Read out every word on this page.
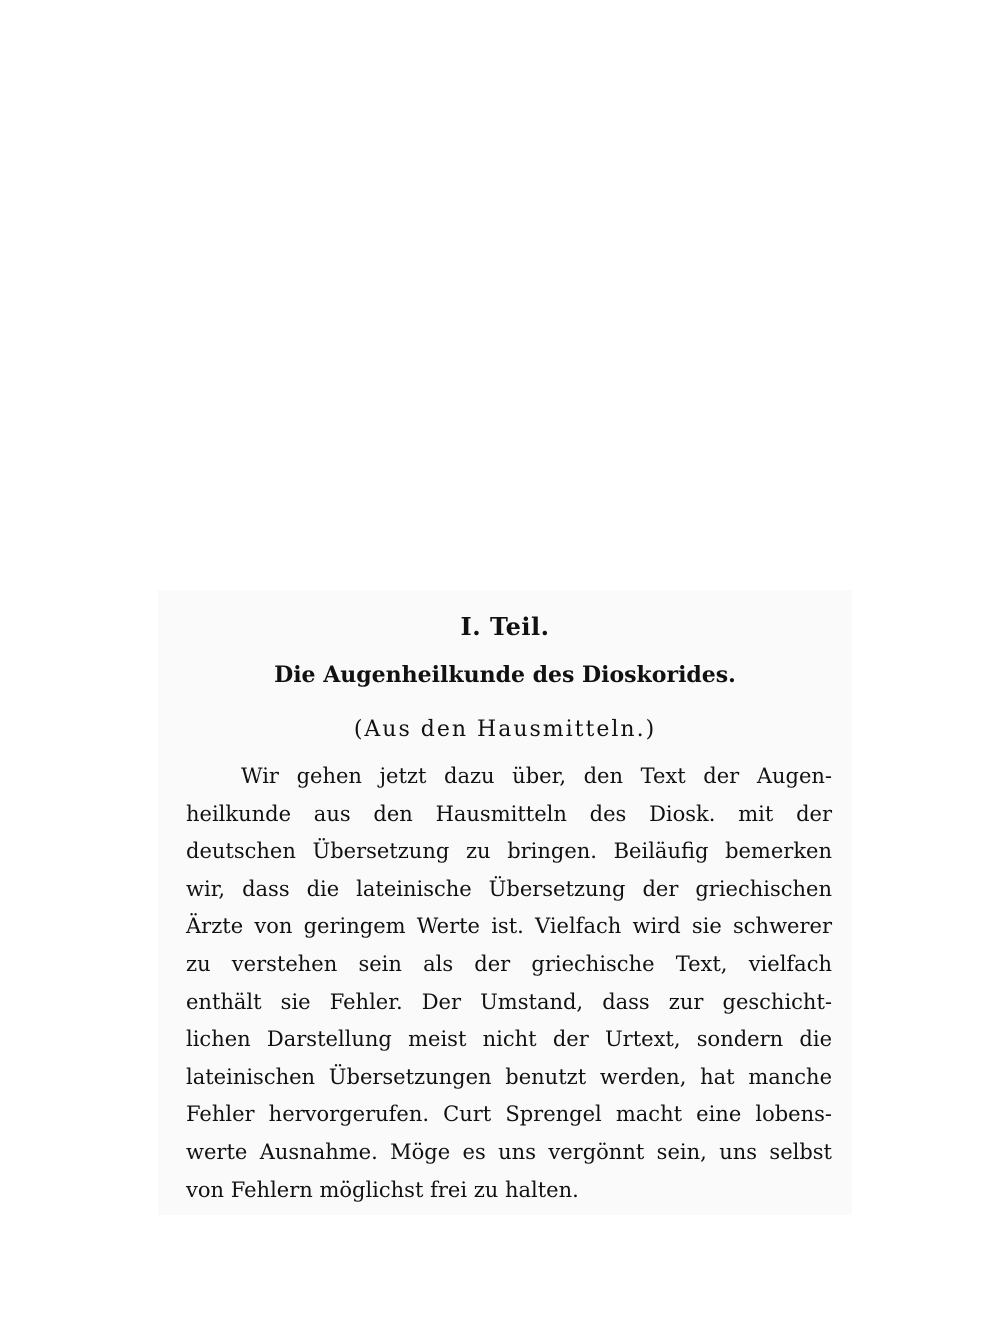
I. Teil.
Die Augenheilkunde des Dioskorides.
(Aus den Hausmitteln.)

Wir gehen jetzt dazu über, den Text der Augen-
heilkunde aus den Hausmitteln des Diosk. mit der
deutschen Übersetzung zu bringen. Beiläufig bemerken
wir, dass die lateinische Übersetzung der griechischen
Ärzte von geringem Werte ist. Vielfach wird sie schwerer
zu verstehen sein als der griechische Text, vielfach
enthält sie Fehler. Der Umstand, dass zur geschicht-
lichen Darstellung meist nicht der Urtext, sondern die
lateinischen Übersetzungen benutzt werden, hat manche
Fehler hervorgerufen. Curt Sprengel macht eine lobens-
werte Ausnahme. Möge es uns vergönnt sein, uns selbst
von Fehlern möglichst frei zu halten.
